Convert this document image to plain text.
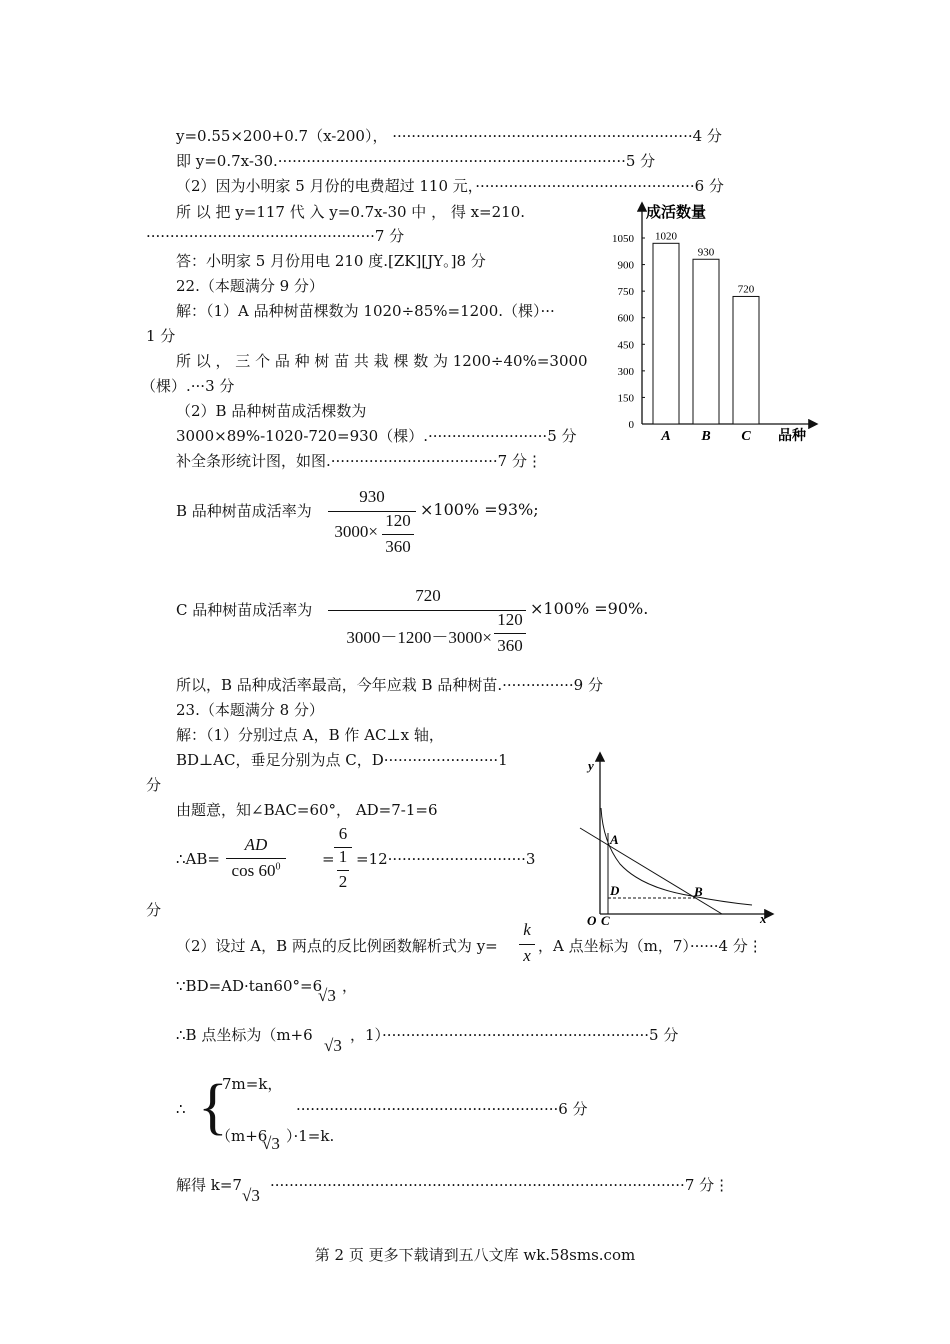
y=0.55×200+0.7（x-200）， ·······························································4 分
即 y=0.7x-30.·········································································5 分
（2）因为小明家 5 月份的电费超过 110 元，··············································6 分
所 以 把 y=117 代 入 y=0.7x-30 中 ， 得 x=210.
················································7 分
答：小明家 5 月份用电 210 度.[ZK][JY。]8 分
22.（本题满分 9 分）
解：（1）A 品种树苗棵数为 1020÷85%=1200.（棵）···
1 分
所 以 ， 三 个 品 种 树 苗 共 栽 棵 数 为 1200÷40%=3000
（棵）.···3 分
（2）B 品种树苗成活棵数为
3000×89%-1020-720=930（棵）.·························5 分
补全条形统计图，如图.···································7 分⋮
B 品种树苗成活率为
930
3000×
120
360
×100% =93%;
C 品种树苗成活率为
720
3000－1200－3000×
120
360
×100% =90%.
所以，B 品种成活率最高，今年应栽 B 品种树苗.···············9 分
23.（本题满分 8 分）
解：（1）分别过点 A，B 作 AC⊥x 轴，
BD⊥AC，垂足分别为点 C，D························1
分
由题意，知∠BAC=60°， AD=7-1=6
∴AB=
AD
$\cos 60^0$	=
6
1
2
=12·····························3
分
（2）设过 A，B 两点的反比例函数解析式为 y=
k
x ，A 点坐标为（m，7）······4 分⋮
∵BD=AD·tan60°=6
√3 ，
∴B 点坐标为（m+6
√3
，1）························································5 分
∴ {
7m=k，
（m+6
√3 ）·1=k.
·······················································6 分
解得 k=7
√3
·······················································································7 分⋮
0
150
300
450
600
750
900
1050 1020
A
930
B
720
C
成活数量
品种
y
x
O C
A
B
D
第 2 页 更多下载请到五八文库 wk.58sms.com
